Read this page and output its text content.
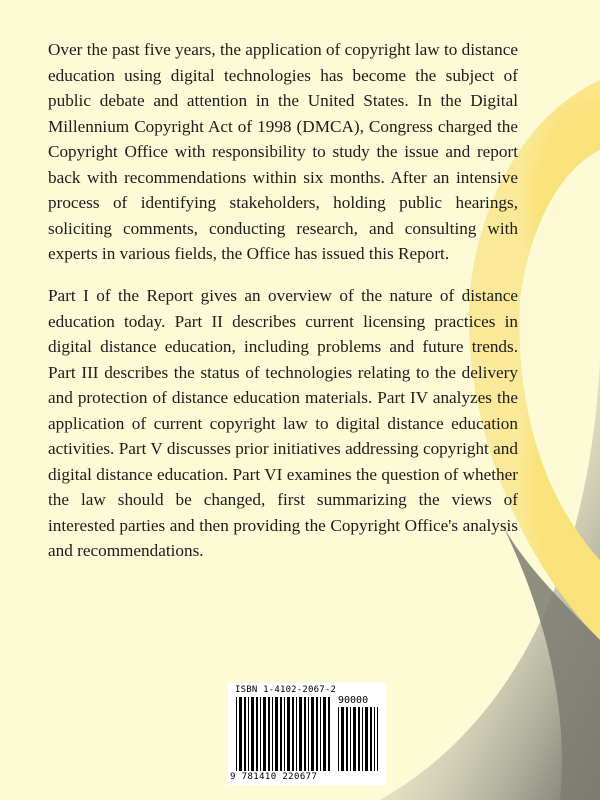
Over the past five years, the application of copyright law to distance education using digital technologies has become the subject of public debate and attention in the United States. In the Digital Millennium Copyright Act of 1998 (DMCA), Congress charged the Copyright Office with responsibility to study the issue and report back with recommendations within six months. After an intensive process of identifying stakeholders, holding public hearings, soliciting comments, conducting research, and consulting with experts in various fields, the Office has issued this Report.

Part I of the Report gives an overview of the nature of distance education today. Part II describes current licensing practices in digital distance education, including problems and future trends. Part III describes the status of technologies relating to the delivery and protection of distance education materials. Part IV analyzes the application of current copyright law to digital distance education activities. Part V discusses prior initiatives addressing copyright and digital distance education. Part VI examines the question of whether the law should be changed, first summarizing the views of interested parties and then providing the Copyright Office's analysis and recommendations.

ISBN 1-4102-2067-2
90000
9 781410 220677
